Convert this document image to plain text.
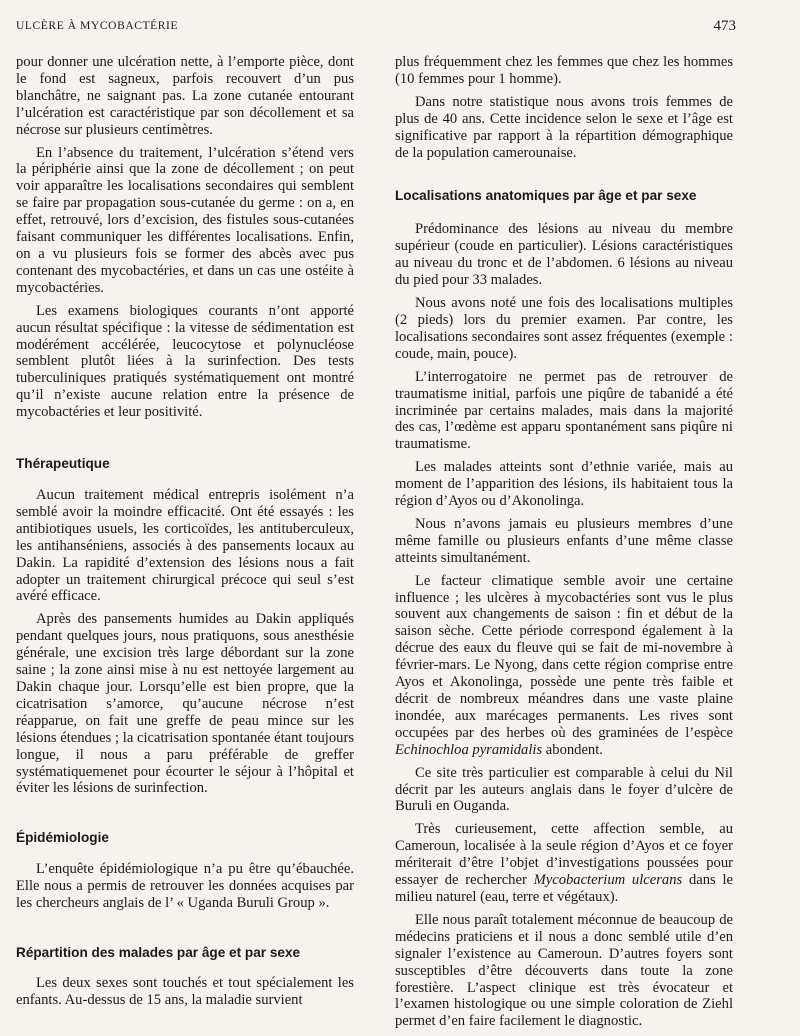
ULCÈRE À MYCOBACTÉRIE	473

pour donner une ulcération nette, à l’emporte pièce, dont le fond est sagneux, parfois recouvert d’un pus blanchâtre, ne saignant pas. La zone cutanée entourant l’ulcération est caractéristique par son décollement et sa nécrose sur plusieurs centimètres.

En l’absence du traitement, l’ulcération s’étend vers la périphérie ainsi que la zone de décollement ; on peut voir apparaître les localisations secondaires qui semblent se faire par propagation sous-cutanée du germe : on a, en effet, retrouvé, lors d’excision, des fistules sous-cutanées faisant communiquer les différentes localisations. Enfin, on a vu plusieurs fois se former des abcès avec pus contenant des mycobactéries, et dans un cas une ostéite à mycobactéries.

Les examens biologiques courants n’ont apporté aucun résultat spécifique : la vitesse de sédimentation est modérément accélérée, leucocytose et polynucléose semblent plutôt liées à la surinfection. Des tests tuberculiniques pratiqués systématiquement ont montré qu’il n’existe aucune relation entre la présence de mycobactéries et leur positivité.

Thérapeutique

Aucun traitement médical entrepris isolément n’a semblé avoir la moindre efficacité. Ont été essayés : les antibiotiques usuels, les corticoïdes, les antituberculeux, les antihanséniens, associés à des pansements locaux au Dakin. La rapidité d’extension des lésions nous a fait adopter un traitement chirurgical précoce qui seul s’est avéré efficace.

Après des pansements humides au Dakin appliqués pendant quelques jours, nous pratiquons, sous anesthésie générale, une excision très large débordant sur la zone saine ; la zone ainsi mise à nu est nettoyée largement au Dakin chaque jour. Lorsqu’elle est bien propre, que la cicatrisation s’amorce, qu’aucune nécrose n’est réapparue, on fait une greffe de peau mince sur les lésions étendues ; la cicatrisation spontanée étant toujours longue, il nous a paru préférable de greffer systématiquemenet pour écourter le séjour à l’hôpital et éviter les lésions de surinfection.

Épidémiologie

L’enquête épidémiologique n’a pu être qu’ébauchée. Elle nous a permis de retrouver les données acquises par les chercheurs anglais de l’ « Uganda Buruli Group ».

Répartition des malades par âge et par sexe

Les deux sexes sont touchés et tout spécialement les enfants. Au-dessus de 15 ans, la maladie survient

plus fréquemment chez les femmes que chez les hommes (10 femmes pour 1 homme).

Dans notre statistique nous avons trois femmes de plus de 40 ans. Cette incidence selon le sexe et l’âge est significative par rapport à la répartition démographique de la population camerounaise.

Localisations anatomiques par âge et par sexe

Prédominance des lésions au niveau du membre supérieur (coude en particulier). Lésions caractéristiques au niveau du tronc et de l’abdomen. 6 lésions au niveau du pied pour 33 malades.

Nous avons noté une fois des localisations multiples (2 pieds) lors du premier examen. Par contre, les localisations secondaires sont assez fréquentes (exemple : coude, main, pouce).

L’interrogatoire ne permet pas de retrouver de traumatisme initial, parfois une piqûre de tabanidé a été incriminée par certains malades, mais dans la majorité des cas, l’œdème est apparu spontanément sans piqûre ni traumatisme.

Les malades atteints sont d’ethnie variée, mais au moment de l’apparition des lésions, ils habitaient tous la région d’Ayos ou d’Akonolinga.

Nous n’avons jamais eu plusieurs membres d’une même famille ou plusieurs enfants d’une même classe atteints simultanément.

Le facteur climatique semble avoir une certaine influence ; les ulcères à mycobactéries sont vus le plus souvent aux changements de saison : fin et début de la saison sèche. Cette période correspond également à la décrue des eaux du fleuve qui se fait de mi-novembre à février-mars. Le Nyong, dans cette région comprise entre Ayos et Akonolinga, possède une pente très faible et décrit de nombreux méandres dans une vaste plaine inondée, aux marécages permanents. Les rives sont occupées par des herbes où des graminées de l’espèce Echinochloa pyramidalis abondent.

Ce site très particulier est comparable à celui du Nil décrit par les auteurs anglais dans le foyer d’ulcère de Buruli en Ouganda.

Très curieusement, cette affection semble, au Cameroun, localisée à la seule région d’Ayos et ce foyer mériterait d’être l’objet d’investigations poussées pour essayer de rechercher Mycobacterium ulcerans dans le milieu naturel (eau, terre et végétaux).

Elle nous paraît totalement méconnue de beaucoup de médecins praticiens et il nous a donc semblé utile d’en signaler l’existence au Cameroun. D’autres foyers sont susceptibles d’être découverts dans toute la zone forestière. L’aspect clinique est très évocateur et l’examen histologique ou une simple coloration de Ziehl permet d’en faire facilement le diagnostic.
